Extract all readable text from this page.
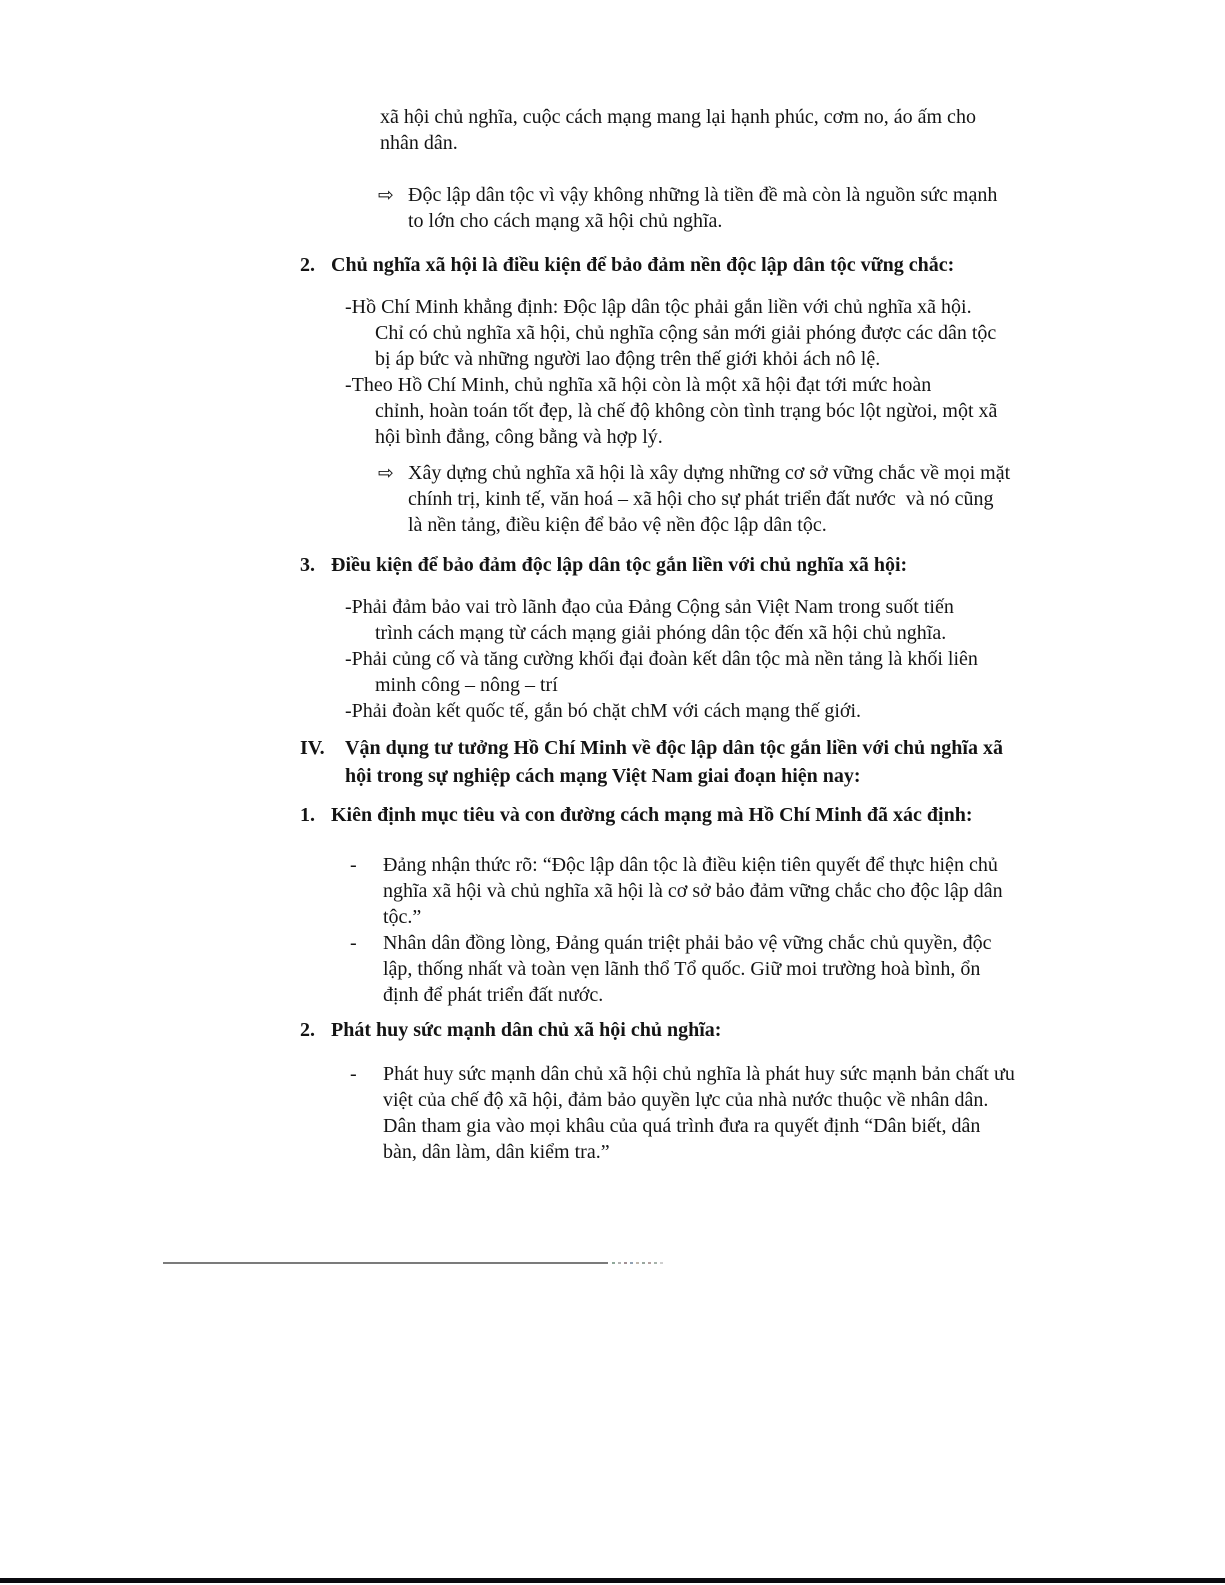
xã hội chủ nghĩa, cuộc cách mạng mang lại hạnh phúc, cơm no, áo ấm cho
nhân dân.
⇨ Độc lập dân tộc vì vậy không những là tiền đề mà còn là nguồn sức mạnh
to lớn cho cách mạng xã hội chủ nghĩa.
2. Chủ nghĩa xã hội là điều kiện để bảo đảm nền độc lập dân tộc vững chắc:
-Hồ Chí Minh khẳng định: Độc lập dân tộc phải gắn liền với chủ nghĩa xã hội.
Chỉ có chủ nghĩa xã hội, chủ nghĩa cộng sản mới giải phóng được các dân tộc
bị áp bức và những người lao động trên thế giới khỏi ách nô lệ.
-Theo Hồ Chí Minh, chủ nghĩa xã hội còn là một xã hội đạt tới mức hoàn
chỉnh, hoàn toán tốt đẹp, là chế độ không còn tình trạng bóc lột ngừoi, một xã
hội bình đẳng, công bằng và hợp lý.
⇨ Xây dựng chủ nghĩa xã hội là xây dựng những cơ sở vững chắc về mọi mặt
chính trị, kinh tế, văn hoá – xã hội cho sự phát triển đất nước  và nó cũng
là nền tảng, điều kiện để bảo vệ nền độc lập dân tộc.
3. Điều kiện để bảo đảm độc lập dân tộc gắn liền với chủ nghĩa xã hội:
-Phải đảm bảo vai trò lãnh đạo của Đảng Cộng sản Việt Nam trong suốt tiến
trình cách mạng từ cách mạng giải phóng dân tộc đến xã hội chủ nghĩa.
-Phải củng cố và tăng cường khối đại đoàn kết dân tộc mà nền tảng là khối liên
minh công – nông – trí
-Phải đoàn kết quốc tế, gắn bó chặt chM với cách mạng thế giới.
IV.	Vận dụng tư tưởng Hồ Chí Minh về độc lập dân tộc gắn liền với chủ nghĩa xã
hội trong sự nghiệp cách mạng Việt Nam giai đoạn hiện nay:
1. Kiên định mục tiêu và con đường cách mạng mà Hồ Chí Minh đã xác định:
-	Đảng nhận thức rõ: “Độc lập dân tộc là điều kiện tiên quyết để thực hiện chủ
nghĩa xã hội và chủ nghĩa xã hội là cơ sở bảo đảm vững chắc cho độc lập dân
tộc.”
-	Nhân dân đồng lòng, Đảng quán triệt phải bảo vệ vững chắc chủ quyền, độc
lập, thống nhất và toàn vẹn lãnh thổ Tổ quốc. Giữ moi trường hoà bình, ổn
định để phát triển đất nước.
2. Phát huy sức mạnh dân chủ xã hội chủ nghĩa:
-	Phát huy sức mạnh dân chủ xã hội chủ nghĩa là phát huy sức mạnh bản chất ưu
việt của chế độ xã hội, đảm bảo quyền lực của nhà nước thuộc về nhân dân.
Dân tham gia vào mọi khâu của quá trình đưa ra quyết định “Dân biết, dân
bàn, dân làm, dân kiểm tra.”
